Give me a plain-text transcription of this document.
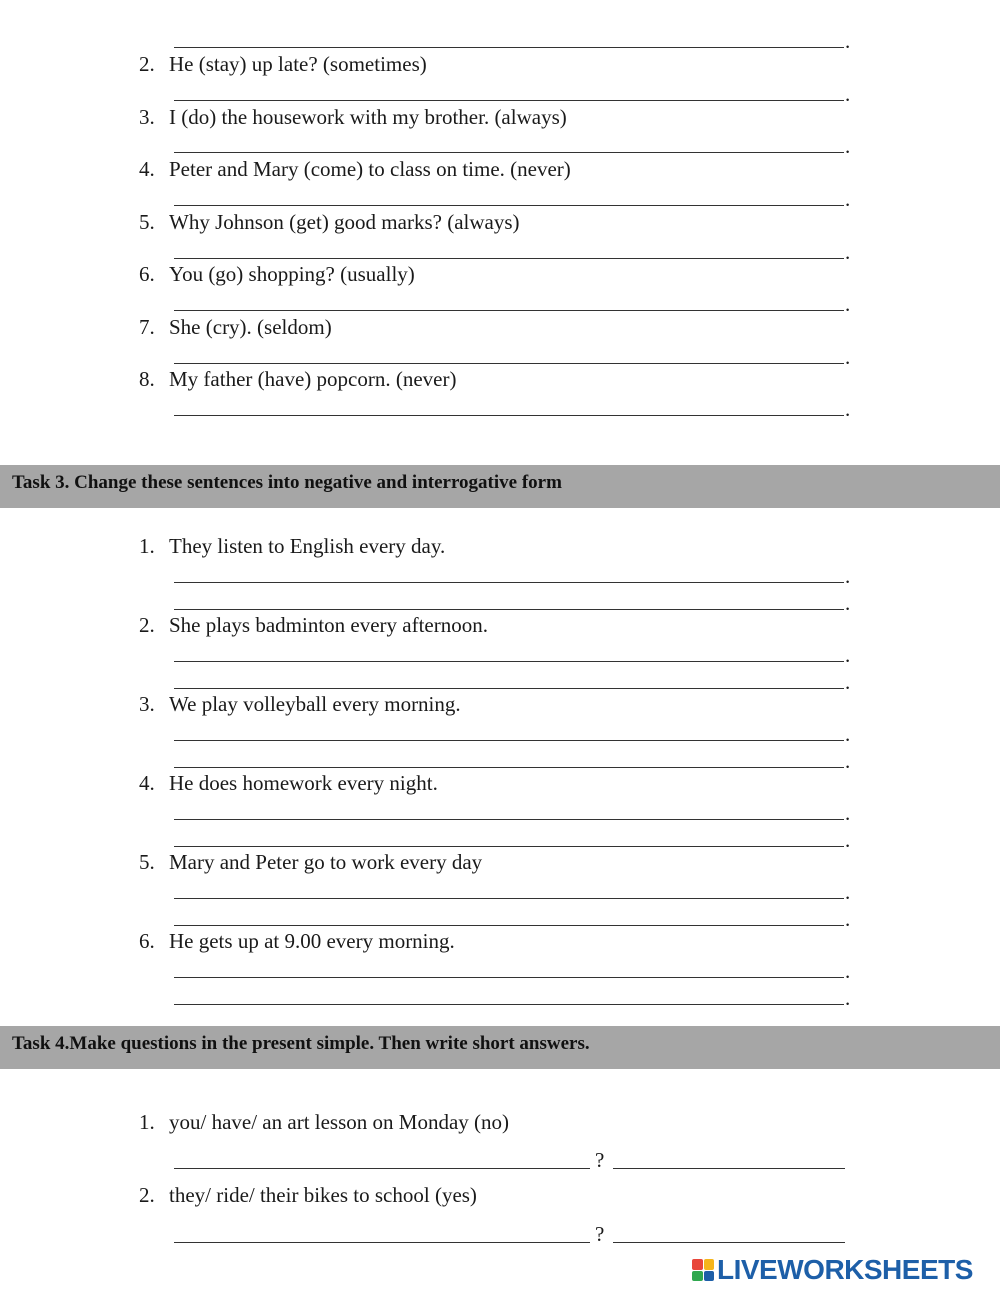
.
2. He (stay) up late? (sometimes)
.
3. I (do) the housework with my brother. (always)
.
4. Peter and Mary (come) to class on time. (never)
.
5. Why Johnson (get) good marks? (always)
.
6. You (go) shopping? (usually)
.
7. She (cry). (seldom)
.
8. My father (have) popcorn. (never)
.
Task 3. Change these sentences into negative and interrogative form
1. They listen to English every day.
.
.
2. She plays badminton every afternoon.
.
.
3. We play volleyball every morning.
.
.
4. He does homework every night.
.
.
5. Mary and Peter go to work every day
.
.
6. He gets up at 9.00 every morning.
.
.
Task 4.Make questions in the present simple. Then write short answers.
1. you/ have/ an art lesson on Monday (no)
?
2. they/ ride/ their bikes to school (yes)
?
LIVEWORKSHEETS
